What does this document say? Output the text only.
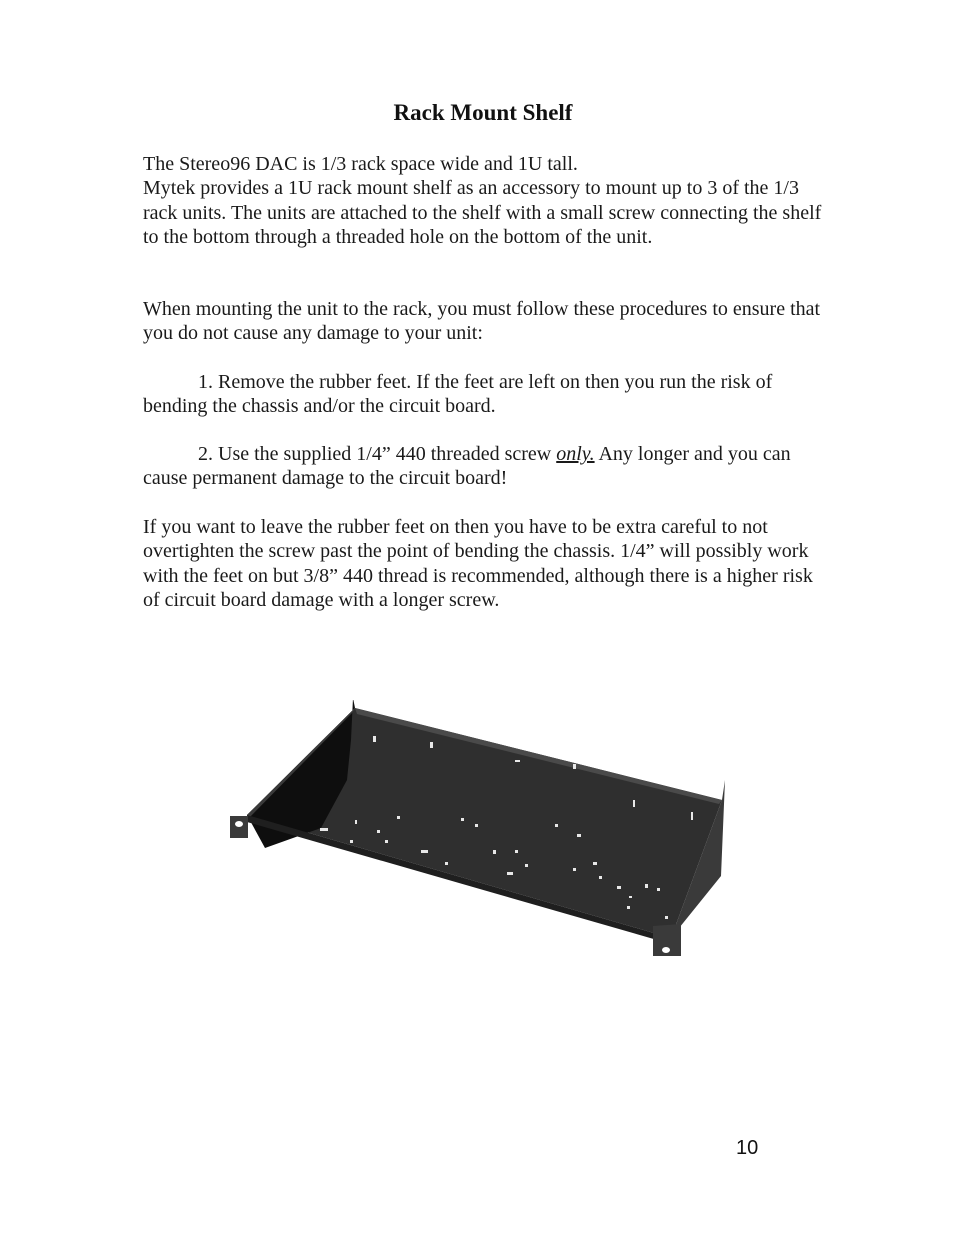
Rack Mount Shelf

The Stereo96 DAC is 1/3 rack space wide and 1U tall.
Mytek provides a 1U rack mount shelf as an accessory to mount up to 3 of the 1/3 rack units. The units are attached to the shelf with a small screw connecting the shelf to the bottom through a threaded hole on the bottom of the unit.

When mounting the unit to the rack, you must follow these procedures to ensure that you do not cause any damage to your unit:

1. Remove the rubber feet. If the feet are left on then you run the risk of bending the chassis and/or the circuit board.

2. Use the supplied 1/4” 440 threaded screw only. Any longer and you can cause permanent damage to the circuit board!

If you want to leave the rubber feet on then you have to be extra careful to not overtighten the screw past the point of bending the chassis. 1/4” will possibly work with the feet on but 3/8” 440 thread is recommended, although there is a higher risk of circuit board damage with a longer screw.

10
